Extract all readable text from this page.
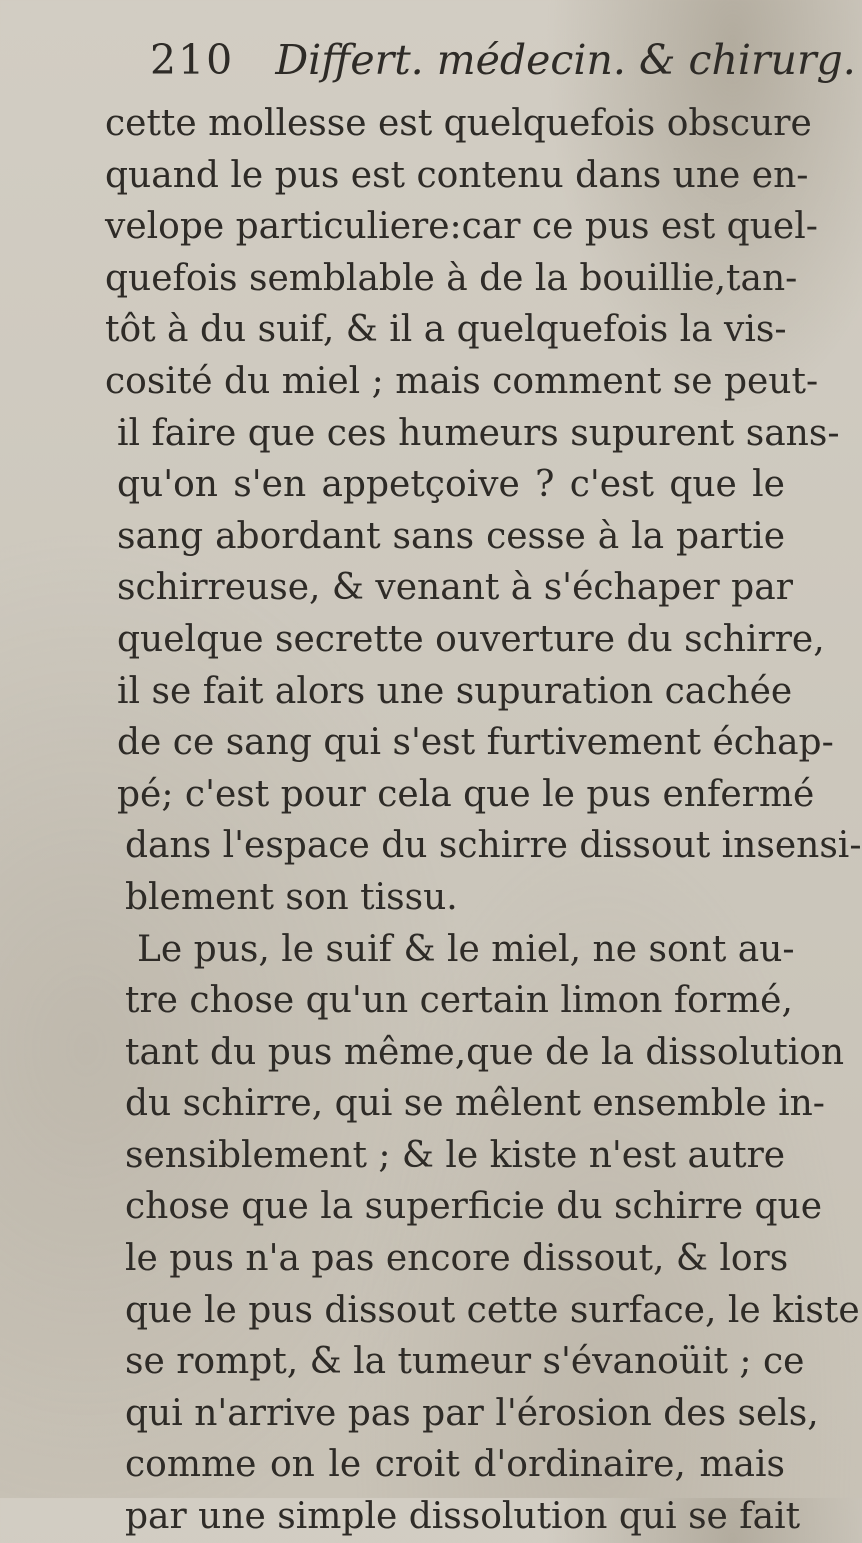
210 Differt. médecin. & chirurg.
cette mollesse est quelquefois obscure
quand le pus est contenu dans une en-
velope particuliere:car ce pus est quel-
quefois semblable à de la bouillie,tan-
tôt à du suif, & il a quelquefois la vis-
cosité du miel ; mais comment se peut-
il faire que ces humeurs supurent sans-
qu'on s'en appetçoive ? c'est que le
sang abordant sans cesse à la partie
schirreuse, & venant à s'échaper par
quelque secrette ouverture du schirre,
il se fait alors une supuration cachée
de ce sang qui s'est furtivement échap-
pé; c'est pour cela que le pus enfermé
dans l'espace du schirre dissout insensi-
blement son tissu.
Le pus, le suif & le miel, ne sont au-
tre chose qu'un certain limon formé,
tant du pus même,que de la dissolution
du schirre, qui se mêlent ensemble in-
sensiblement ; & le kiste n'est autre
chose que la superficie du schirre que
le pus n'a pas encore dissout, & lors
que le pus dissout cette surface, le kiste
se rompt, & la tumeur s'évanoüit ; ce
qui n'arrive pas par l'érosion des sels,
comme on le croit d'ordinaire, mais
par une simple dissolution qui se fait
